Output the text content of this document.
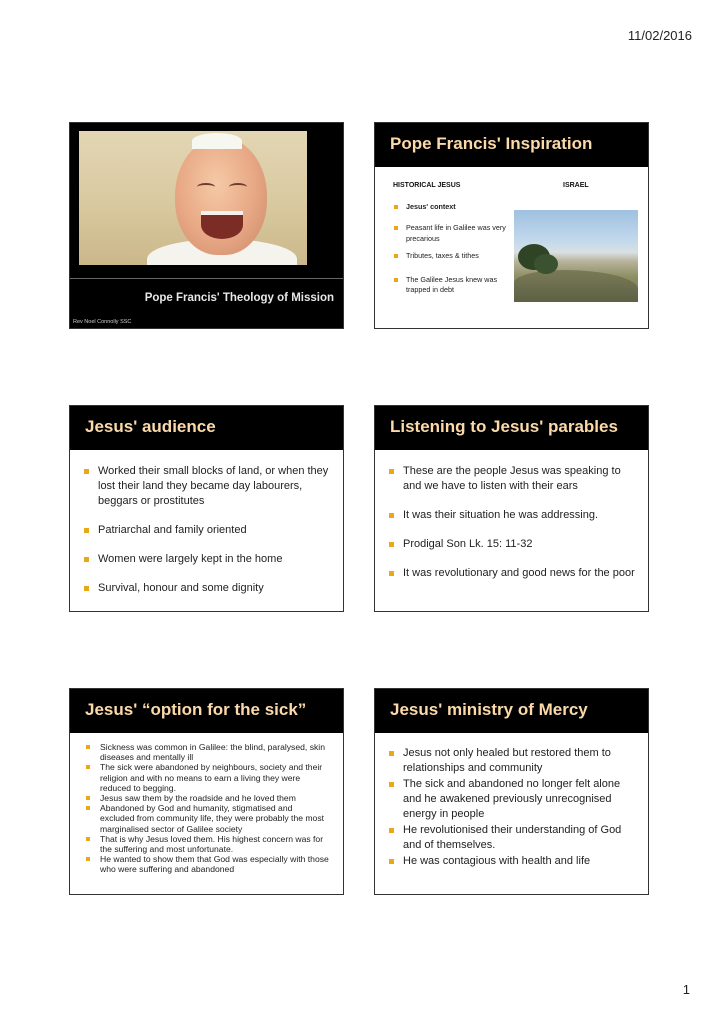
11/02/2016
Pope Francis' Theology of Mission
Rev Noel Connolly SSC
Pope Francis' Inspiration
HISTORICAL JESUS	ISRAEL
Jesus' context
Peasant life in Galilee was very precarious
Tributes, taxes & tithes
The Galilee Jesus knew was trapped in debt
Jesus' audience
Worked their small blocks of land, or when they lost their land they became day labourers, beggars or prostitutes
Patriarchal and family oriented
Women were largely kept in the home
Survival, honour and some dignity
Listening to Jesus' parables
These are the people Jesus was speaking to and we have to listen with their ears
It was their situation he was addressing.
Prodigal Son Lk. 15: 11-32
It was revolutionary and good news for the poor
Jesus' “option for the sick”
Sickness was common in Galilee: the blind, paralysed, skin diseases and mentally ill
The sick were abandoned by neighbours, society and their religion and with no means to earn a living they were reduced to begging.
Jesus saw them by the roadside and he loved them
Abandoned by God and humanity, stigmatised and excluded from community life, they were probably the most marginalised sector of Galilee society
That is why Jesus loved them. His highest concern was for the suffering and most unfortunate.
He wanted to show them that God was especially with those who were suffering and abandoned
Jesus' ministry of Mercy
Jesus not only healed but restored them to relationships and community
The sick and abandoned no longer felt alone and he awakened previously unrecognised energy in people
He revolutionised their understanding of God and of themselves.
He was contagious with health and life
1
